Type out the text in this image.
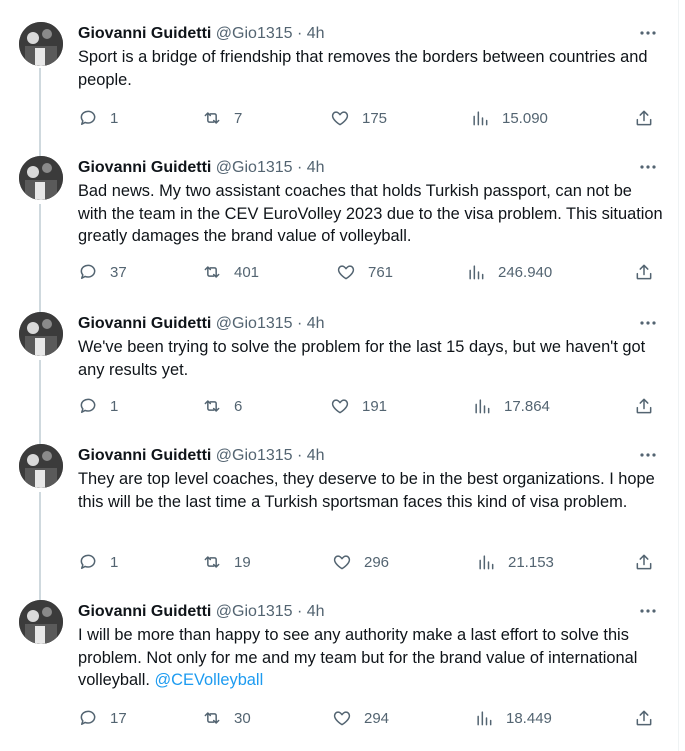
Giovanni Guidetti @Gio1315 · 4h
Sport is a bridge of friendship that removes the borders between countries and people.
1	7	175	15.090
Giovanni Guidetti @Gio1315 · 4h
Bad news. My two assistant coaches that holds Turkish passport, can not be with the team in the CEV EuroVolley 2023 due to the visa problem. This situation greatly damages the brand value of volleyball.
37	401	761	246.940
Giovanni Guidetti @Gio1315 · 4h
We've been trying to solve the problem for the last 15 days, but we haven't got any results yet.
1	6	191	17.864
Giovanni Guidetti @Gio1315 · 4h
They are top level coaches, they deserve to be in the best organizations. I hope this will be the last time a Turkish sportsman faces this kind of visa problem.
1	19	296	21.153
Giovanni Guidetti @Gio1315 · 4h
I will be more than happy to see any authority make a last effort to solve this problem. Not only for me and my team but for the brand value of international volleyball. @CEVolleyball
17	30	294	18.449
